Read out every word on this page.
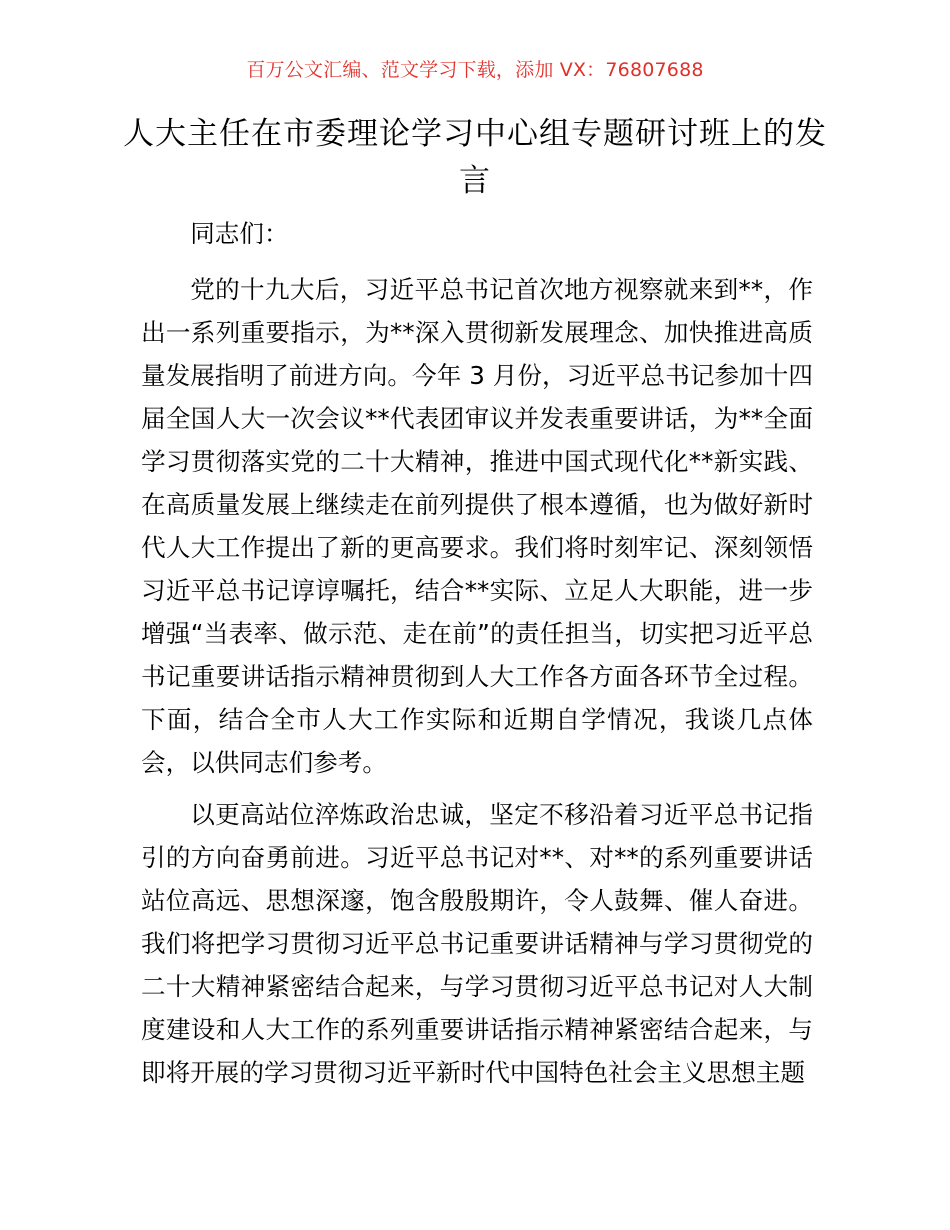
百万公文汇编、范文学习下载，添加 VX：76807688
人大主任在市委理论学习中心组专题研讨班上的发言

同志们：

党的十九大后，习近平总书记首次地方视察就来到**，作出一系列重要指示，为**深入贯彻新发展理念、加快推进高质量发展指明了前进方向。今年 3 月份，习近平总书记参加十四届全国人大一次会议**代表团审议并发表重要讲话，为**全面学习贯彻落实党的二十大精神，推进中国式现代化**新实践、在高质量发展上继续走在前列提供了根本遵循，也为做好新时代人大工作提出了新的更高要求。我们将时刻牢记、深刻领悟习近平总书记谆谆嘱托，结合**实际、立足人大职能，进一步增强“当表率、做示范、走在前”的责任担当，切实把习近平总书记重要讲话指示精神贯彻到人大工作各方面各环节全过程。下面，结合全市人大工作实际和近期自学情况，我谈几点体会，以供同志们参考。

以更高站位淬炼政治忠诚，坚定不移沿着习近平总书记指引的方向奋勇前进。习近平总书记对**、对**的系列重要讲话站位高远、思想深邃，饱含殷殷期许，令人鼓舞、催人奋进。我们将把学习贯彻习近平总书记重要讲话精神与学习贯彻党的二十大精神紧密结合起来，与学习贯彻习近平总书记对人大制度建设和人大工作的系列重要讲话指示精神紧密结合起来，与即将开展的学习贯彻习近平新时代中国特色社会主义思想主题
